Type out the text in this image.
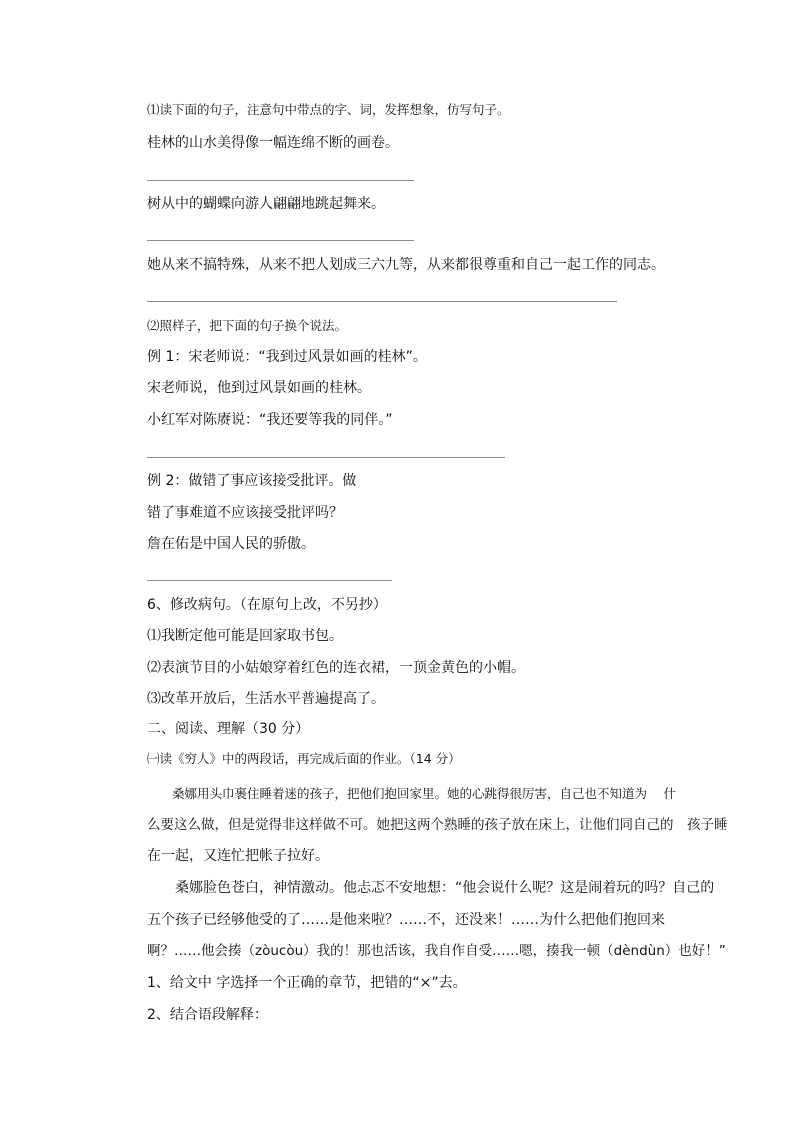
⑴读下面的句子，注意句中带点的字、词，发挥想象，仿写句子。
桂林的山水美得像一幅连绵不断的画卷。
树从中的蝴蝶向游人翩翩地跳起舞来。
她从来不搞特殊，从来不把人划成三六九等，从来都很尊重和自己一起工作的同志。
⑵照样子，把下面的句子换个说法。
例 1：宋老师说：“我到过风景如画的桂林”。
宋老师说，他到过风景如画的桂林。
小红军对陈赓说：“我还要等我的同伴。”
例 2：做错了事应该接受批评。做
错了事难道不应该接受批评吗？
詹在佑是中国人民的骄傲。
6、修改病句。（在原句上改，不另抄）
⑴我断定他可能是回家取书包。
⑵表演节目的小姑娘穿着红色的连衣裙，一顶金黄色的小帽。
⑶改革开放后，生活水平普遍提高了。
二、阅读、理解（30 分）
㈠读《穷人》中的两段话，再完成后面的作业。（14 分）
桑娜用头巾裹住睡着迷的孩子，把他们抱回家里。她的心跳得很厉害，自己也不知道为　 什
么要这么做，但是觉得非这样做不可。她把这两个熟睡的孩子放在床上，让他们同自己的　孩子睡
在一起，又连忙把帐子拉好。
桑娜脸色苍白，神情激动。他忐忑不安地想：“他会说什么呢？这是闹着玩的吗？自己的
五个孩子已经够他受的了……是他来啦？……不，还没来！……为什么把他们抱回来
啊？……他会揍（zòucòu）我的！那也活该，我自作自受……嗯，揍我一顿（dèndùn）也好！”
1、给文中 字选择一个正确的章节，把错的“×”去。
2、结合语段解释：
